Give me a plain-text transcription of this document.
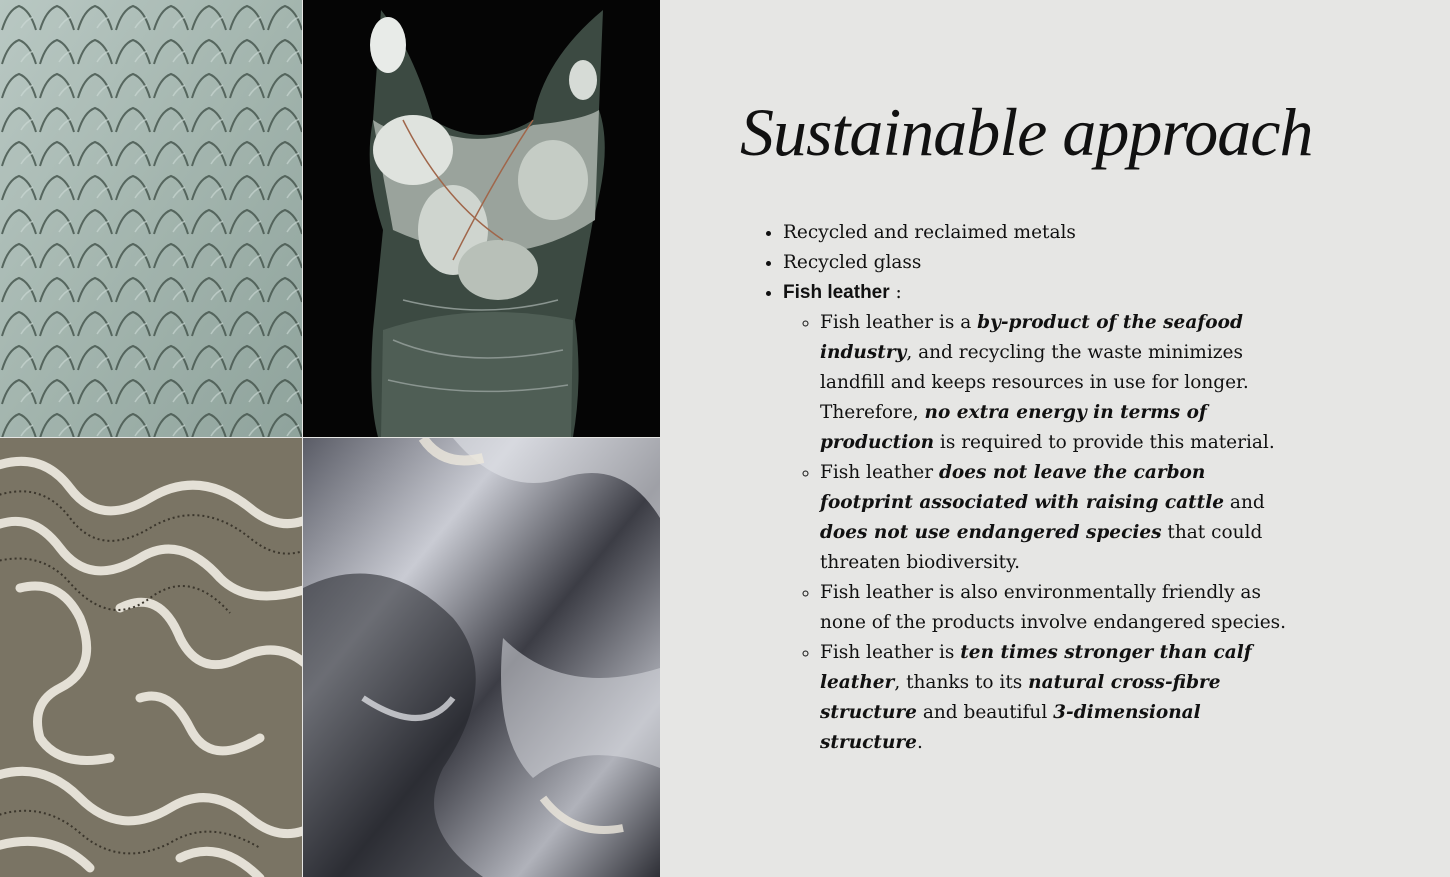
Sustainable approach
• Recycled and reclaimed metals
• Recycled glass
• Fish leather :
◦ Fish leather is a by-product of the seafood industry, and recycling the waste minimizes landfill and keeps resources in use for longer. Therefore, no extra energy in terms of production is required to provide this material.
◦ Fish leather does not leave the carbon footprint associated with raising cattle and does not use endangered species that could threaten biodiversity.
◦ Fish leather is also environmentally friendly as none of the products involve endangered species.
◦ Fish leather is ten times stronger than calf leather, thanks to its natural cross-fibre structure and beautiful 3-dimensional structure.
